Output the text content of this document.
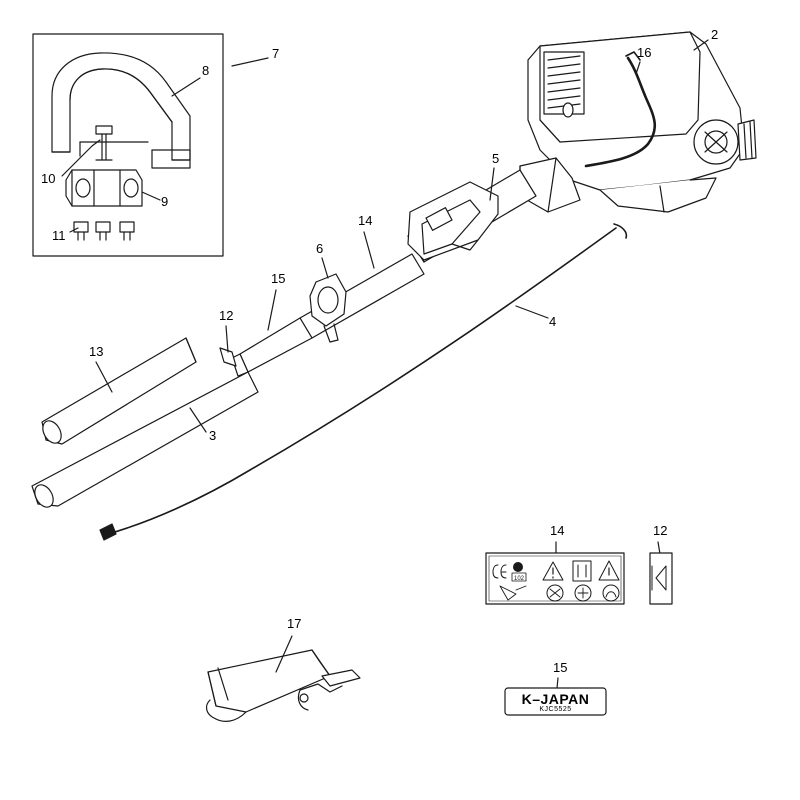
102
2
16
7
8
5
10
9
14
11
6
15
4
12
13
3
14	12
17
15
K–JAPAN
KJC5525
